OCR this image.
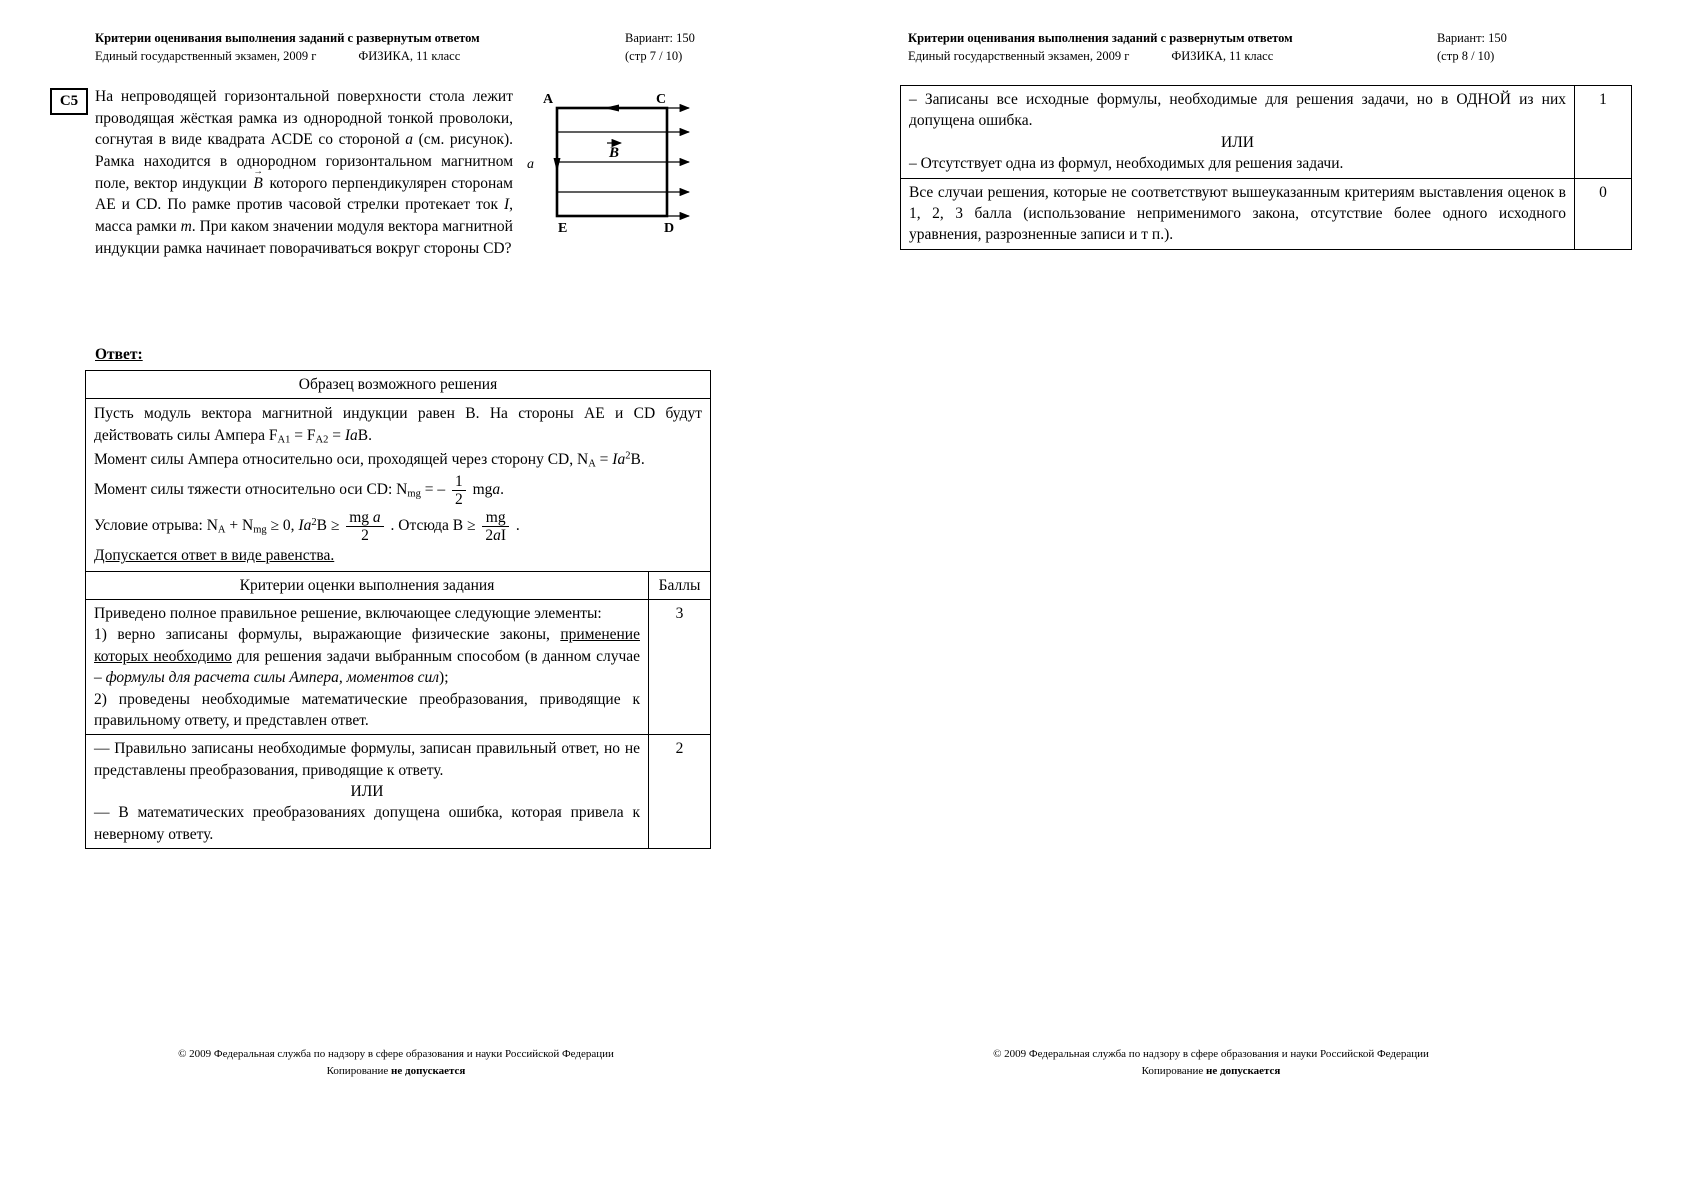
Критерии оценивания выполнения заданий с развернутым ответом
Единый государственный экзамен, 2009 г	ФИЗИКА, 11 класс
Вариант: 150
(стр 7 / 10)
С5
B
A	C
E	D
a

На непроводящей горизонтальной поверхности стола лежит проводящая жёсткая рамка из однородной тонкой проволоки, согнутая в виде квадрата ACDE со стороной a (см. рисунок). Рамка находится в однородном горизонтальном магнитном поле, вектор индукции B → которого перпендикулярен сторонам АЕ и CD. По рамке против часовой стрелки протекает ток I, масса рамки m. При каком значении модуля вектора магнитной индукции рамка начинает поворачиваться вокруг стороны CD?

Ответ:
Образец возможного решения	

Пусть модуль вектора магнитной индукции равен В. На стороны АЕ и CD будут действовать силы Ампера $F_{А1} = F_{А2}$ = IaB.
Момент силы Ампера относительно оси, проходящей через сторону CD, $N_А = Ia^2В$.
Момент силы тяжести относительно оси CD: $N_{mg}$ = – $\frac{1}{2}$ mga.
Условие отрыва: $N_А + N_{mg} \ge 0$, $Ia^2В \ge \frac{\text{mg a}}{2}$ . Отсюда $В \ge \frac{mg}{2aI}$ .
Допускается ответ в виде равенства.

Критерии оценки выполнения задания	Баллы
Приведено полное правильное решение, включающее следующие элементы:
1) верно записаны формулы, выражающие физические законы, применение которых необходимо для решения задачи выбранным способом (в данном случае – формулы для расчета силы Ампера, моментов сил);
2) проведены необходимые математические преобразования, приводящие к правильному ответу, и представлен ответ.	3
— Правильно записаны необходимые формулы, записан правильный ответ, но не представлены преобразования, приводящие к ответу.
ИЛИ
— В математических преобразованиях допущена ошибка, которая привела к неверному ответу.	2
© 2009 Федеральная служба по надзору в сфере образования и науки Российской Федерации
Копирование не допускается
Критерии оценивания выполнения заданий с развернутым ответом
Единый государственный экзамен, 2009 г	ФИЗИКА, 11 класс
Вариант: 150
(стр 8 / 10)
– Записаны все исходные формулы, необходимые для решения задачи, но в ОДНОЙ из них допущена ошибка.
ИЛИ
– Отсутствует одна из формул, необходимых для решения задачи.	1
Все случаи решения, которые не соответствуют вышеуказанным критериям выставления оценок в 1, 2, 3 балла (использование неприменимого закона, отсутствие более одного исходного уравнения, разрозненные записи и т п.).	0
© 2009 Федеральная служба по надзору в сфере образования и науки Российской Федерации
Копирование не допускается
